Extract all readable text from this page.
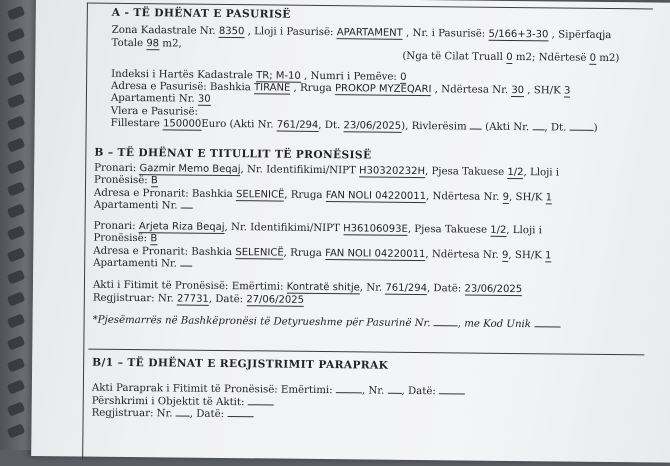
A - TË DHËNAT E PASURISË

Zona Kadastrale Nr. 8350 , Lloji i Pasurisë: APARTAMENT , Nr. i Pasurisë: 5/166+3-30 , Sipërfaqja
Totale 98 m2,
(Nga të Cilat Truall 0 m2; Ndërtesë 0 m2)
Indeksi i Hartës Kadastrale TR; M-10 , Numri i Pemëve: 0
Adresa e Pasurisë: Bashkia TIRANE , Rruga PROKOP MYZEQARI , Ndërtesa Nr. 30 , SH/K 3
Apartamenti Nr. 30
Vlera e Pasurisë:
Fillestare 150000Euro (Akti Nr. 761/294, Dt. 23/06/2025), Rivlerësim (Akti Nr. , Dt.	)

B – TË DHËNAT E TITULLIT TË PRONËSISË

Pronari: Gazmir Memo Beqaj, Nr. Identifikimi/NIPT H30320232H, Pjesa Takuese 1/2, Lloji i
Pronësisë: B
Adresa e Pronarit: Bashkia SELENICË, Rruga FAN NOLI 04220011, Ndërtesa Nr. 9, SH/K 1
Apartamenti Nr.
Pronari: Arjeta Riza Beqaj, Nr. Identifikimi/NIPT H36106093E, Pjesa Takuese 1/2, Lloji i
Pronësisë: B
Adresa e Pronarit: Bashkia SELENICË, Rruga FAN NOLI 04220011, Ndërtesa Nr. 9, SH/K 1
Apartamenti Nr.
Akti i Fitimit të Pronësisë: Emërtimi: Kontratë shitje, Nr. 761/294, Datë: 23/06/2025
Regjistruar: Nr. 27731, Datë: 27/06/2025
*Pjesëmarrës në Bashkëpronësi të Detyrueshme për Pasurinë Nr.	, me Kod Unik

B/1 – TË DHËNAT E REGJISTRIMIT PARAPRAK

Akti Paraprak i Fitimit të Pronësisë: Emërtimi:	, Nr. , Datë:
Përshkrimi i Objektit të Aktit:
Regjistruar: Nr. , Datë:
